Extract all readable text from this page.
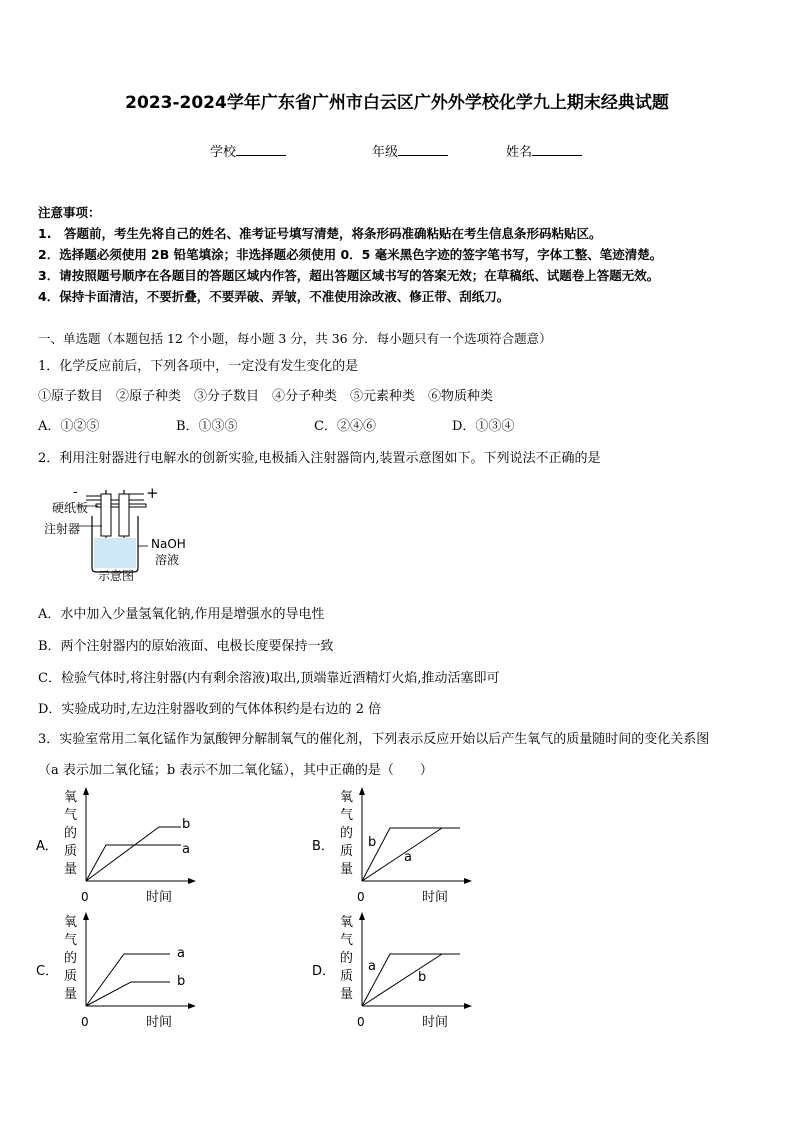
2023-2024学年广东省广州市白云区广外外学校化学九上期末经典试题
学校	年级	姓名
注意事项：
1.　答题前，考生先将自己的姓名、准考证号填写清楚，将条形码准确粘贴在考生信息条形码粘贴区。
2．选择题必须使用 2B 铅笔填涂；非选择题必须使用 0．5 毫米黑色字迹的签字笔书写，字体工整、笔迹清楚。
3．请按照题号顺序在各题目的答题区域内作答，超出答题区域书写的答案无效；在草稿纸、试题卷上答题无效。
4．保持卡面清洁，不要折叠，不要弄破、弄皱，不准使用涂改液、修正带、刮纸刀。
一、单选题（本题包括 12 个小题，每小题 3 分，共 36 分．每小题只有一个选项符合题意）
1．化学反应前后，下列各项中，一定没有发生变化的是
①原子数目　②原子种类　③分子数目　④分子种类　⑤元素种类　⑥物质种类
A．①②⑤	B．①③⑤	C．②④⑥	D．①③④
2．利用注射器进行电解水的创新实验,电极插入注射器筒内,装置示意图如下。下列说法不正确的是
-	+
硬纸板
注射器
NaOH
溶液
示意图
A．水中加入少量氢氧化钠,作用是增强水的导电性
B．两个注射器内的原始液面、电极长度要保持一致
C．检验气体时,将注射器(内有剩余溶液)取出,顶端靠近酒精灯火焰,推动活塞即可
D．实验成功时,左边注射器收到的气体体积约是右边的 2 倍
3．实验室常用二氧化锰作为氯酸钾分解制氧气的催化剂，下列表示反应开始以后产生氧气的质量随时间的变化关系图
（a 表示加二氧化锰；b 表示不加二氧化锰），其中正确的是（　　）
A．
氧
气
的
质
量
0	时间
b
a	B．
氧
气
的
质
量
0	时间
b
a
C．
氧
气
的
质
量
0	时间
a
b
D．
氧
气
的
质
量
0	时间
a
b
